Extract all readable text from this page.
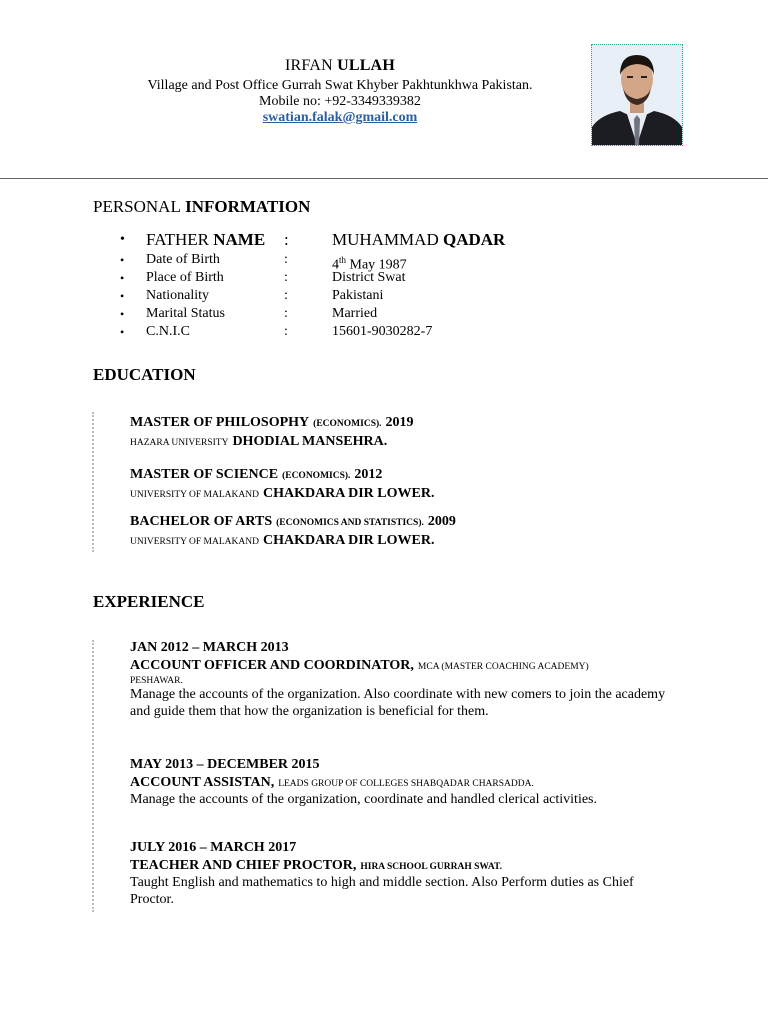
IRFAN ULLAH
Village and Post Office Gurrah Swat Khyber Pakhtunkhwa Pakistan.
Mobile no: +92-3349339382
swatian.falak@gmail.com
PERSONAL INFORMATION
• FATHER NAME :	MUHAMMAD QADAR
• Date of Birth	:	4th May 1987
• Place of Birth	:	District Swat
• Nationality	:	Pakistani
• Marital Status	:	Married
• C.N.I.C	:	15601-9030282-7
EDUCATION
MASTER OF PHILOSOPHY (ECONOMICS). 2019
HAZARA UNIVERSITY DHODIAL MANSEHRA.
MASTER OF SCIENCE (ECONOMICS). 2012
UNIVERSITY OF MALAKAND CHAKDARA DIR LOWER.
BACHELOR OF ARTS (ECONOMICS AND STATISTICS). 2009
UNIVERSITY OF MALAKAND CHAKDARA DIR LOWER.
EXPERIENCE
JAN 2012 – MARCH 2013
ACCOUNT OFFICER AND COORDINATOR, MCA (MASTER COACHING ACADEMY)
PESHAWAR.
Manage the accounts of the organization. Also coordinate with new comers to join the academy and guide them that how the organization is beneficial for them.
MAY 2013 – DECEMBER 2015
ACCOUNT ASSISTAN, LEADS GROUP OF COLLEGES SHABQADAR CHARSADDA.
Manage the accounts of the organization, coordinate and handled clerical activities.
JULY 2016 – MARCH 2017
TEACHER AND CHIEF PROCTOR, HIRA SCHOOL GURRAH SWAT.
Taught English and mathematics to high and middle section. Also Perform duties as Chief Proctor.
